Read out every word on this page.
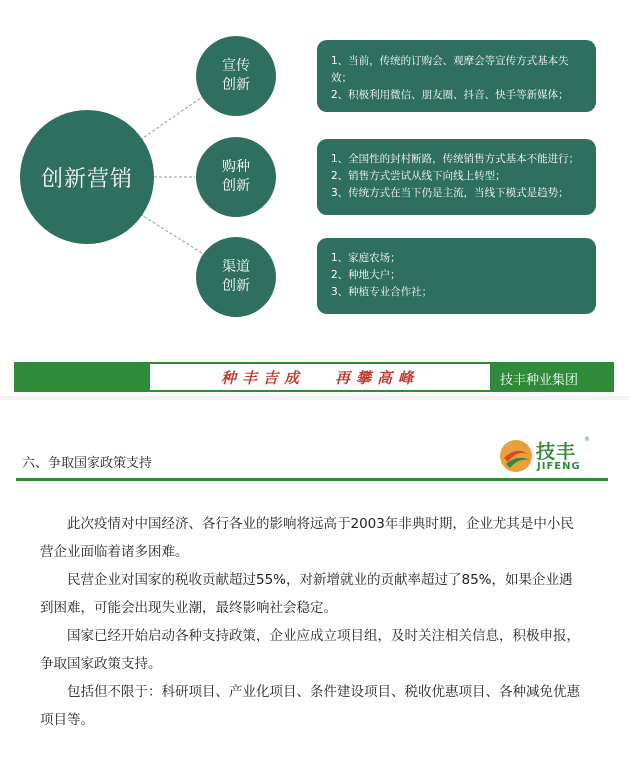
创新营销
宣传
创新
购种
创新
渠道
创新

1、当前，传统的订购会、观摩会等宣传方式基本失效；

2、积极利用微信、朋友圈、抖音、快手等新媒体；

1、全国性的封村断路，传统销售方式基本不能进行；

2、销售方式尝试从线下向线上转型；

3、传统方式在当下仍是主流，当线下模式是趋势；

1、家庭农场；

2、种地大户；

3、种植专业合作社；

种丰吉成 再攀高峰	技丰种业集团
六、争取国家政策支持
技丰
®
JIFENG

此次疫情对中国经济、各行各业的影响将远高于2003年非典时期，企业尤其是中小民营企业面临着诸多困难。

民营企业对国家的税收贡献超过55%，对新增就业的贡献率超过了85%，如果企业遇到困难，可能会出现失业潮，最终影响社会稳定。

国家已经开始启动各种支持政策，企业应成立项目组，及时关注相关信息，积极申报，争取国家政策支持。

包括但不限于：科研项目、产业化项目、条件建设项目、税收优惠项目、各种减免优惠项目等。
